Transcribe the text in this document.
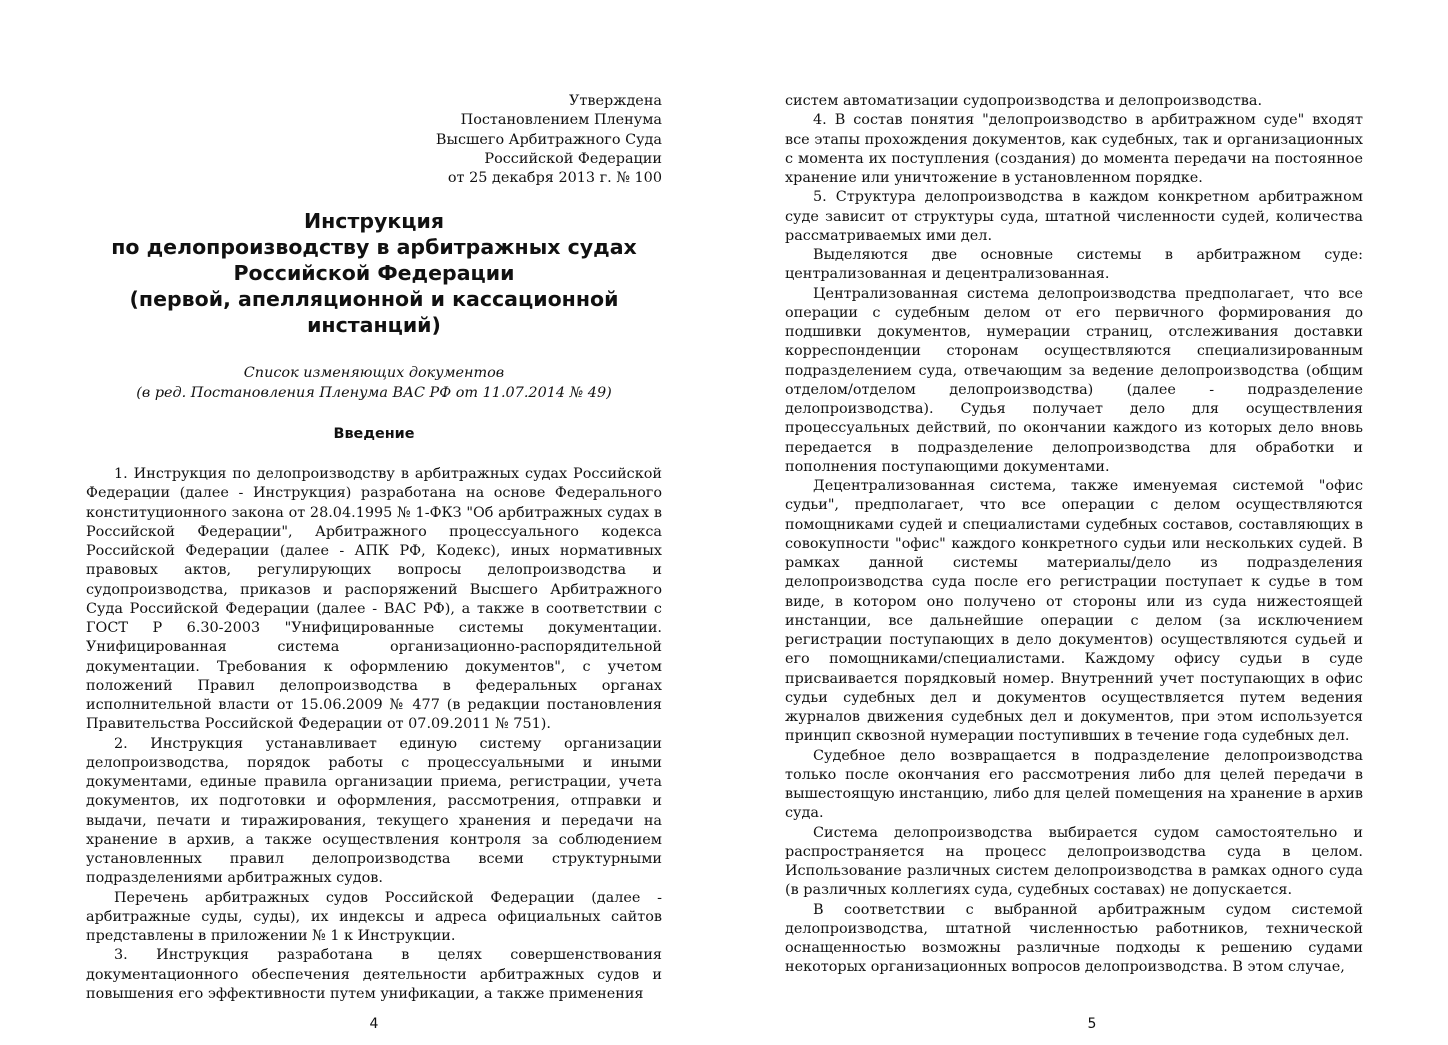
Утверждена
Постановлением Пленума
Высшего Арбитражного Суда
Российской Федерации
от 25 декабря 2013 г. № 100
Инструкция
по делопроизводству в арбитражных судах
Российской Федерации
(первой, апелляционной и кассационной
инстанций)
Список изменяющих документов
(в ред. Постановления Пленума ВАС РФ от 11.07.2014 № 49)
Введение

1. Инструкция по делопроизводству в арбитражных судах Российской Федерации (далее - Инструкция) разработана на основе Федерального конституционного закона от 28.04.1995 № 1-ФКЗ "Об арбитражных судах в Российской Федерации", Арбитражного процессуального кодекса Российской Федерации (далее - АПК РФ, Кодекс), иных нормативных правовых актов, регулирующих вопросы делопроизводства и судопроизводства, приказов и распоряжений Высшего Арбитражного Суда Российской Федерации (далее - ВАС РФ), а также в соответствии с ГОСТ Р 6.30-2003 "Унифицированные системы документации. Унифицированная система организационно-распорядительной документации. Требования к оформлению документов", с учетом положений Правил делопроизводства в федеральных органах исполнительной власти от 15.06.2009 № 477 (в редакции постановления Правительства Российской Федерации от 07.09.2011 № 751).

2. Инструкция устанавливает единую систему организации делопроизводства, порядок работы с процессуальными и иными документами, единые правила организации приема, регистрации, учета документов, их подготовки и оформления, рассмотрения, отправки и выдачи, печати и тиражирования, текущего хранения и передачи на хранение в архив, а также осуществления контроля за соблюдением установленных правил делопроизводства всеми структурными подразделениями арбитражных судов.

Перечень арбитражных судов Российской Федерации (далее - арбитражные суды, суды), их индексы и адреса официальных сайтов представлены в приложении № 1 к Инструкции.

3. Инструкция разработана в целях совершенствования документационного обеспечения деятельности арбитражных судов и повышения его эффективности путем унификации, а также применения

4

систем автоматизации судопроизводства и делопроизводства.

4. В состав понятия "делопроизводство в арбитражном суде" входят все этапы прохождения документов, как судебных, так и организационных с момента их поступления (создания) до момента передачи на постоянное хранение или уничтожение в установленном порядке.

5. Структура делопроизводства в каждом конкретном арбитражном суде зависит от структуры суда, штатной численности судей, количества рассматриваемых ими дел.

Выделяются две основные системы в арбитражном суде: централизованная и децентрализованная.

Централизованная система делопроизводства предполагает, что все операции с судебным делом от его первичного формирования до подшивки документов, нумерации страниц, отслеживания доставки корреспонденции сторонам осуществляются специализированным подразделением суда, отвечающим за ведение делопроизводства (общим отделом/отделом делопроизводства) (далее - подразделение делопроизводства). Судья получает дело для осуществления процессуальных действий, по окончании каждого из которых дело вновь передается в подразделение делопроизводства для обработки и пополнения поступающими документами.

Децентрализованная система, также именуемая системой "офис судьи", предполагает, что все операции с делом осуществляются помощниками судей и специалистами судебных составов, составляющих в совокупности "офис" каждого конкретного судьи или нескольких судей. В рамках данной системы материалы/дело из подразделения делопроизводства суда после его регистрации поступает к судье в том виде, в котором оно получено от стороны или из суда нижестоящей инстанции, все дальнейшие операции с делом (за исключением регистрации поступающих в дело документов) осуществляются судьей и его помощниками/специалистами. Каждому офису судьи в суде присваивается порядковый номер. Внутренний учет поступающих в офис судьи судебных дел и документов осуществляется путем ведения журналов движения судебных дел и документов, при этом используется принцип сквозной нумерации поступивших в течение года судебных дел.

Судебное дело возвращается в подразделение делопроизводства только после окончания его рассмотрения либо для целей передачи в вышестоящую инстанцию, либо для целей помещения на хранение в архив суда.

Система делопроизводства выбирается судом самостоятельно и распространяется на процесс делопроизводства суда в целом. Использование различных систем делопроизводства в рамках одного суда (в различных коллегиях суда, судебных составах) не допускается.

В соответствии с выбранной арбитражным судом системой делопроизводства, штатной численностью работников, технической оснащенностью возможны различные подходы к решению судами некоторых организационных вопросов делопроизводства. В этом случае,

5
